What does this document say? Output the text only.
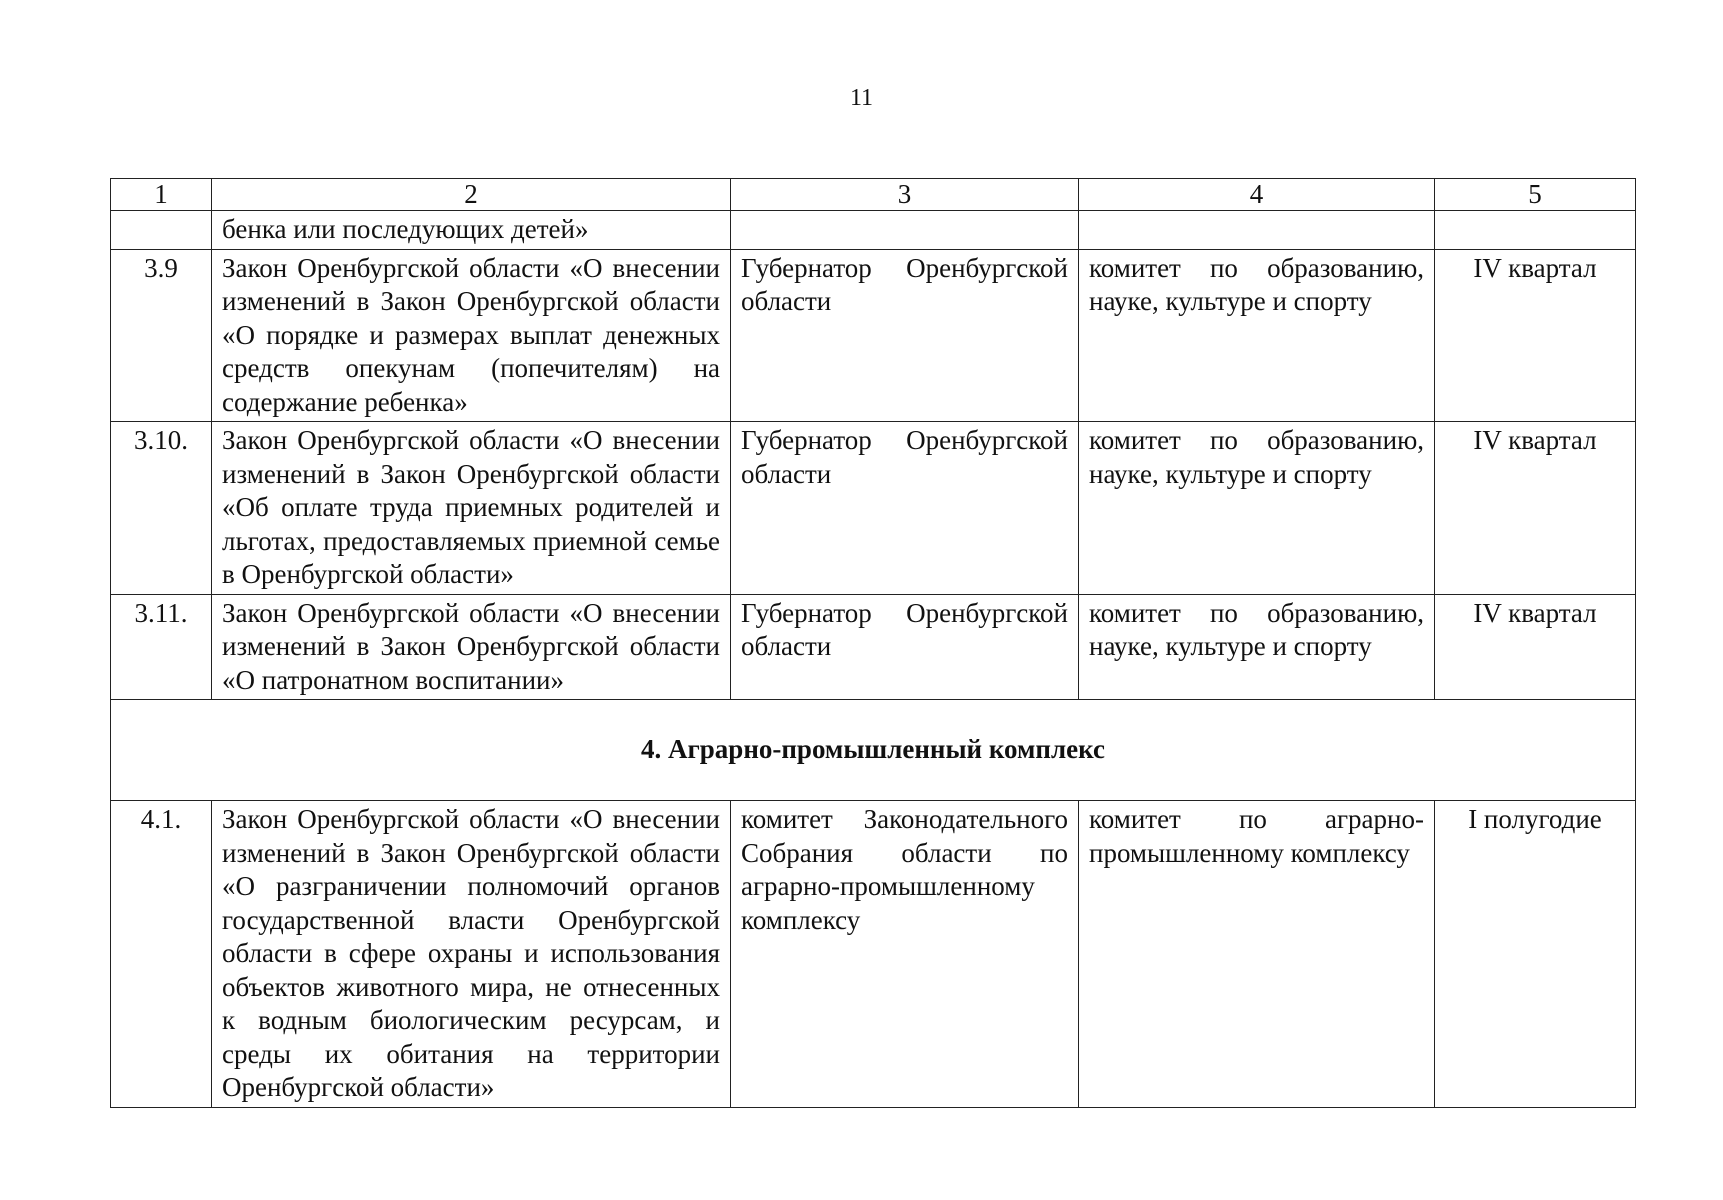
11
1	2	3	4	5
	бенка или последующих детей»			
3.9	Закон Оренбургской области «О внесении изменений в Закон Оренбургской области «О порядке и размерах выплат денежных средств опекунам (попечителям) на содержание ребенка»	Губернатор Оренбургской области	комитет по образованию, науке, культуре и спорту	IV квартал
3.10.	Закон Оренбургской области «О внесении изменений в Закон Оренбургской области «Об оплате труда приемных родителей и льготах, предоставляемых приемной семье в Оренбургской области»	Губернатор Оренбургской области	комитет по образованию, науке, культуре и спорту	IV квартал
3.11.	Закон Оренбургской области «О внесении изменений в Закон Оренбургской области «О патронатном воспитании»	Губернатор Оренбургской области	комитет по образованию, науке, культуре и спорту	IV квартал
4. Аграрно-промышленный комплекс				
4.1.	Закон Оренбургской области «О внесении изменений в Закон Оренбургской области «О разграничении полномочий органов государственной власти Оренбургской области в сфере охраны и использования объектов животного мира, не отнесенных к водным биологическим ресурсам, и среды их обитания на территории Оренбургской области»	комитет Законодательного Собрания области по аграрно-промышленному комплексу	комитет по аграрно-промышленному комплексу	I полугодие
